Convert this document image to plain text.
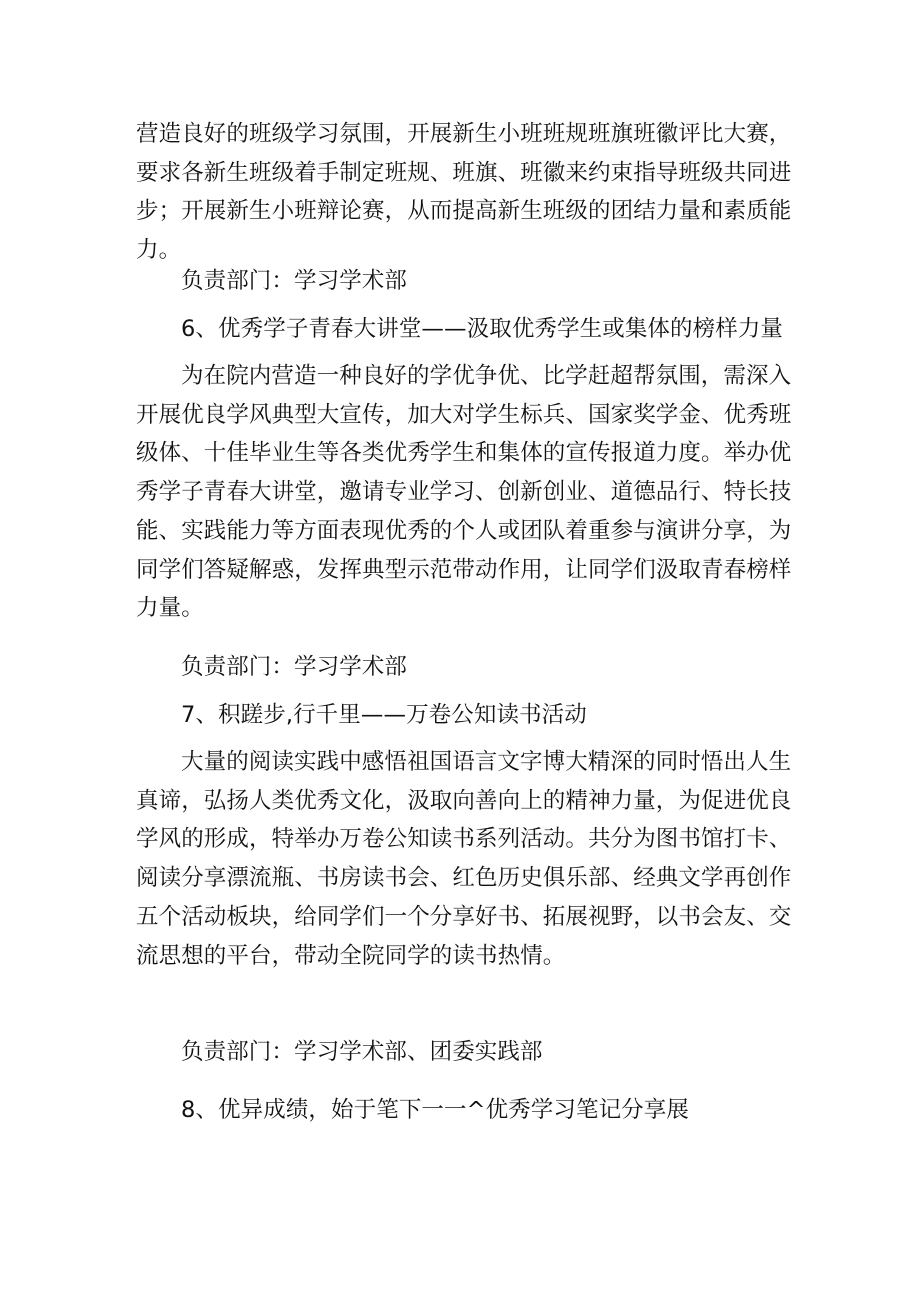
营造良好的班级学习氛围，开展新生小班班规班旗班徽评比大赛，要求各新生班级着手制定班规、班旗、班徽来约束指导班级共同进步；开展新生小班辩论赛，从而提高新生班级的团结力量和素质能力。

负责部门：学习学术部

6、优秀学子青春大讲堂——汲取优秀学生或集体的榜样力量

为在院内营造一种良好的学优争优、比学赶超帮氛围，需深入开展优良学风典型大宣传，加大对学生标兵、国家奖学金、优秀班级体、十佳毕业生等各类优秀学生和集体的宣传报道力度。举办优秀学子青春大讲堂，邀请专业学习、创新创业、道德品行、特长技能、实践能力等方面表现优秀的个人或团队着重参与演讲分享，为同学们答疑解惑，发挥典型示范带动作用，让同学们汲取青春榜样力量。

负责部门：学习学术部

7、积蹉步,行千里——万卷公知读书活动

大量的阅读实践中感悟祖国语言文字博大精深的同时悟出人生真谛，弘扬人类优秀文化，汲取向善向上的精神力量，为促进优良学风的形成，特举办万卷公知读书系列活动。共分为图书馆打卡、阅读分享漂流瓶、书房读书会、红色历史俱乐部、经典文学再创作五个活动板块，给同学们一个分享好书、拓展视野，以书会友、交流思想的平台，带动全院同学的读书热情。

负责部门：学习学术部、团委实践部

8、优异成绩，始于笔下一一^优秀学习笔记分享展
